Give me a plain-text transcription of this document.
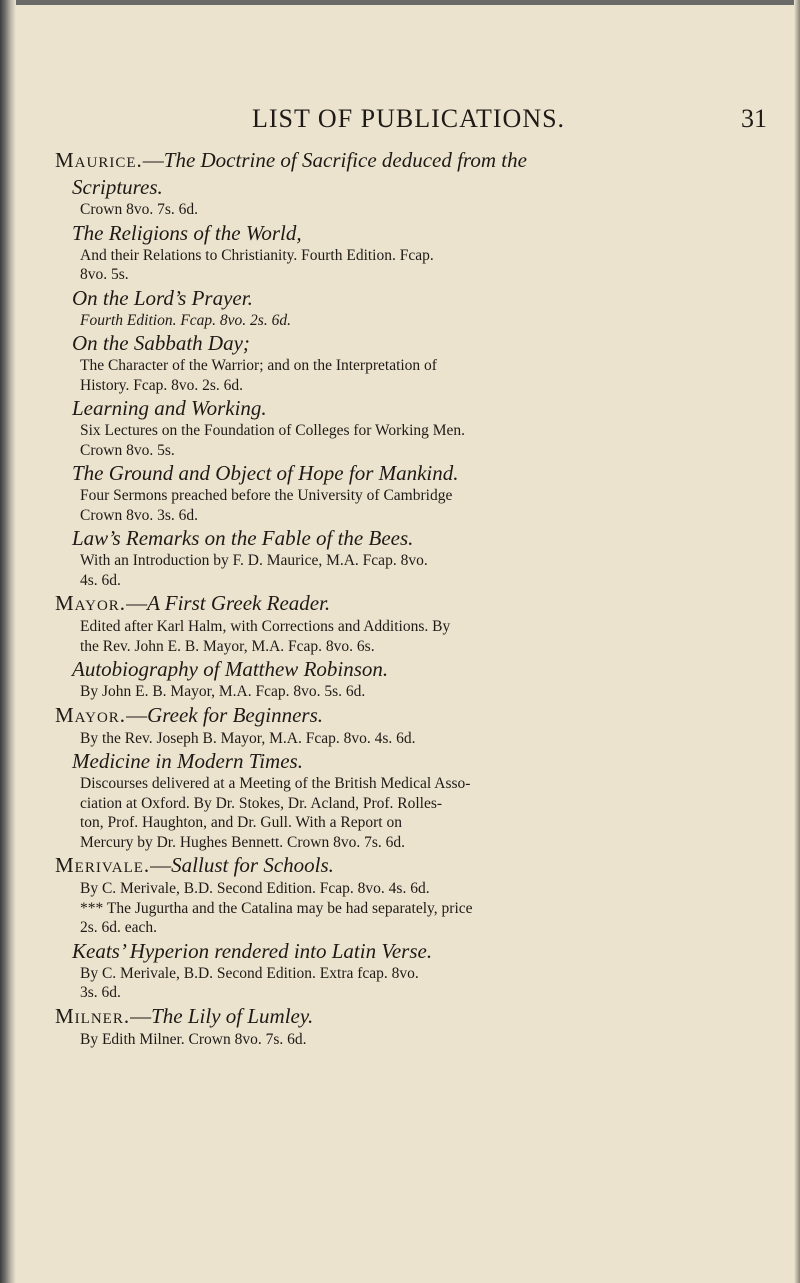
LIST OF PUBLICATIONS.	31
Maurice.—The Doctrine of Sacrifice deduced from the
Scriptures.
Crown 8vo. 7s. 6d.
The Religions of the World,
And their Relations to Christianity. Fourth Edition. Fcap.
8vo. 5s.
On the Lord’s Prayer.
Fourth Edition. Fcap. 8vo. 2s. 6d.
On the Sabbath Day;
The Character of the Warrior; and on the Interpretation of
History. Fcap. 8vo. 2s. 6d.
Learning and Working.
Six Lectures on the Foundation of Colleges for Working Men.
Crown 8vo. 5s.
The Ground and Object of Hope for Mankind.
Four Sermons preached before the University of Cambridge
Crown 8vo. 3s. 6d.
Law’s Remarks on the Fable of the Bees.
With an Introduction by F. D. Maurice, M.A. Fcap. 8vo.
4s. 6d.
Mayor.—A First Greek Reader.
Edited after Karl Halm, with Corrections and Additions. By
the Rev. John E. B. Mayor, M.A. Fcap. 8vo. 6s.
Autobiography of Matthew Robinson.
By John E. B. Mayor, M.A. Fcap. 8vo. 5s. 6d.
Mayor.—Greek for Beginners.
By the Rev. Joseph B. Mayor, M.A. Fcap. 8vo. 4s. 6d.
Medicine in Modern Times.
Discourses delivered at a Meeting of the British Medical Asso-
ciation at Oxford. By Dr. Stokes, Dr. Acland, Prof. Rolles-
ton, Prof. Haughton, and Dr. Gull. With a Report on
Mercury by Dr. Hughes Bennett. Crown 8vo. 7s. 6d.
Merivale.—Sallust for Schools.
By C. Merivale, B.D. Second Edition. Fcap. 8vo. 4s. 6d.
*** The Jugurtha and the Catalina may be had separately, price
2s. 6d. each.
Keats’ Hyperion rendered into Latin Verse.
By C. Merivale, B.D. Second Edition. Extra fcap. 8vo.
3s. 6d.
Milner.—The Lily of Lumley.
By Edith Milner. Crown 8vo. 7s. 6d.
